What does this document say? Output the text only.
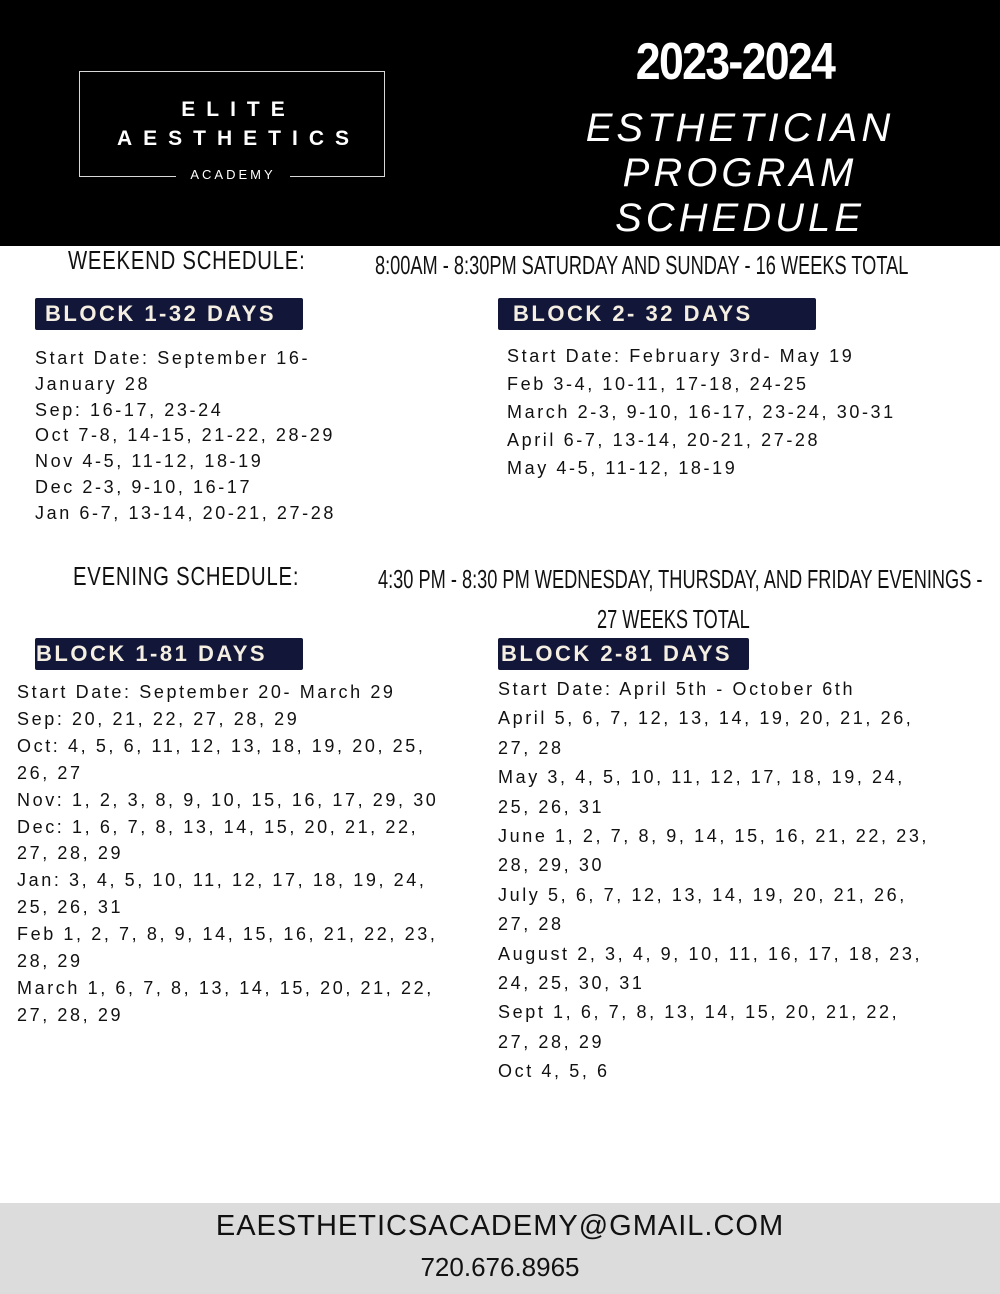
ELITE
AESTHETICS
ACADEMY
2023-2024
ESTHETICIAN
PROGRAM
SCHEDULE
WEEKEND SCHEDULE:	8:00AM - 8:30PM SATURDAY AND SUNDAY - 16 WEEKS TOTAL
BLOCK 1-32 DAYS
Start Date: September 16-
January 28
Sep: 16-17, 23-24
Oct 7-8, 14-15, 21-22, 28-29
Nov 4-5, 11-12, 18-19
Dec 2-3, 9-10, 16-17
Jan 6-7, 13-14, 20-21, 27-28
BLOCK 2- 32 DAYS
Start Date: February 3rd- May 19
Feb 3-4, 10-11, 17-18, 24-25
March 2-3, 9-10, 16-17, 23-24, 30-31
April 6-7, 13-14, 20-21, 27-28
May 4-5, 11-12, 18-19
EVENING SCHEDULE:	4:30 PM - 8:30 PM WEDNESDAY, THURSDAY, AND FRIDAY EVENINGS -
27 WEEKS TOTAL
BLOCK 1-81 DAYS
Start Date: September 20- March 29
Sep: 20, 21, 22, 27, 28, 29
Oct: 4, 5, 6, 11, 12, 13, 18, 19, 20, 25,
26, 27
Nov: 1, 2, 3, 8, 9, 10, 15, 16, 17, 29, 30
Dec: 1, 6, 7, 8, 13, 14, 15, 20, 21, 22,
27, 28, 29
Jan: 3, 4, 5, 10, 11, 12, 17, 18, 19, 24,
25, 26, 31
Feb 1, 2, 7, 8, 9, 14, 15, 16, 21, 22, 23,
28, 29
March 1, 6, 7, 8, 13, 14, 15, 20, 21, 22,
27, 28, 29
BLOCK 2-81 DAYS
Start Date: April 5th - October 6th
April 5, 6, 7, 12, 13, 14, 19, 20, 21, 26,
27, 28
May 3, 4, 5, 10, 11, 12, 17, 18, 19, 24,
25, 26, 31
June 1, 2, 7, 8, 9, 14, 15, 16, 21, 22, 23,
28, 29, 30
July 5, 6, 7, 12, 13, 14, 19, 20, 21, 26,
27, 28
August 2, 3, 4, 9, 10, 11, 16, 17, 18, 23,
24, 25, 30, 31
Sept 1, 6, 7, 8, 13, 14, 15, 20, 21, 22,
27, 28, 29
Oct 4, 5, 6
EAESTHETICSACADEMY@GMAIL.COM
720.676.8965
